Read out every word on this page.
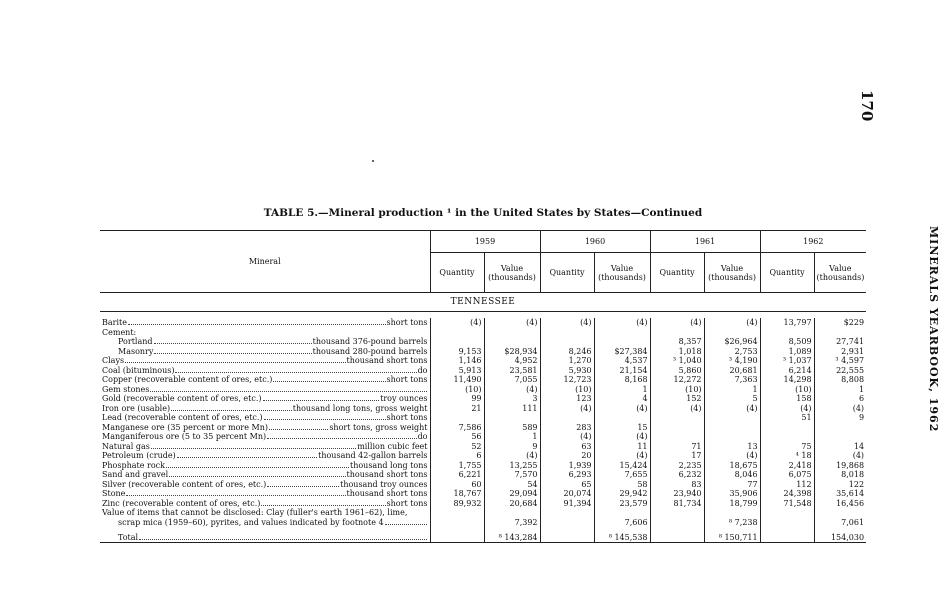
170
MINERALS YEARBOOK, 1962
TABLE 5.—Mineral production ¹ in the United States by States—Continued
Mineral	1959		1960		1961		1962	
	Quantity	Value (thousands)	Quantity	Value (thousands)	Quantity	Value (thousands)	Quantity	Value (thousands)
TENNESSEE								

Barite short tons	(4)	(4)	(4)	(4)	(4)	(4)	13,797	$229

Cement:								

Portland thousand 376-pound barrels					8,357	$26,964	8,509	27,741

Masonry thousand 280-pound barrels	9,153	$28,934	8,246	$27,384	1,018	2,753	1,089	2,931

Clays thousand short tons	1,146	4,952	1,270	4,537	³ 1,040	³ 4,190	³ 1,037	³ 4,597

Coal (bituminous) do	5,913	23,581	5,930	21,154	5,860	20,681	6,214	22,555

Copper (recoverable content of ores, etc.) short tons	11,490	7,055	12,723	8,168	12,272	7,363	14,298	8,808

Gem stones	(10)	(4)	(10)	1	(10)	1	(10)	1

Gold (recoverable content of ores, etc.) troy ounces	99	3	123	4	152	5	158	6

Iron ore (usable) thousand long tons, gross weight	21	111	(4)	(4)	(4)	(4)	(4)	(4)

Lead (recoverable content of ores, etc.) short tons							51	9

Manganese ore (35 percent or more Mn) short tons, gross weight	7,586	589	283	15				

Manganiferous ore (5 to 35 percent Mn) do	56	1	(4)	(4)				

Natural gas million cubic feet	52	9	63	11	71	13	75	14

Petroleum (crude) thousand 42-gallon barrels	6	(4)	20	(4)	17	(4)	⁴ 18	(4)

Phosphate rock thousand long tons	1,755	13,255	1,939	15,424	2,235	18,675	2,418	19,868

Sand and gravel thousand short tons	6,221	7,570	6,293	7,655	6,232	8,046	6,075	8,018

Silver (recoverable content of ores, etc.) thousand troy ounces	60	54	65	58	83	77	112	122

Stone thousand short tons	18,767	29,094	20,074	29,942	23,940	35,906	24,398	35,614

Zinc (recoverable content of ores, etc.) short tons	89,932	20,684	91,394	23,579	81,734	18,799	71,548	16,456

Value of items that cannot be disclosed: Clay (fuller's earth 1961–62), lime,								

scrap mica (1959–60), pyrites, and values indicated by footnote 4		7,392		7,606		⁸ 7,238		7,061

Total		⁸ 143,284		⁸ 145,538		⁸ 150,711		154,030
